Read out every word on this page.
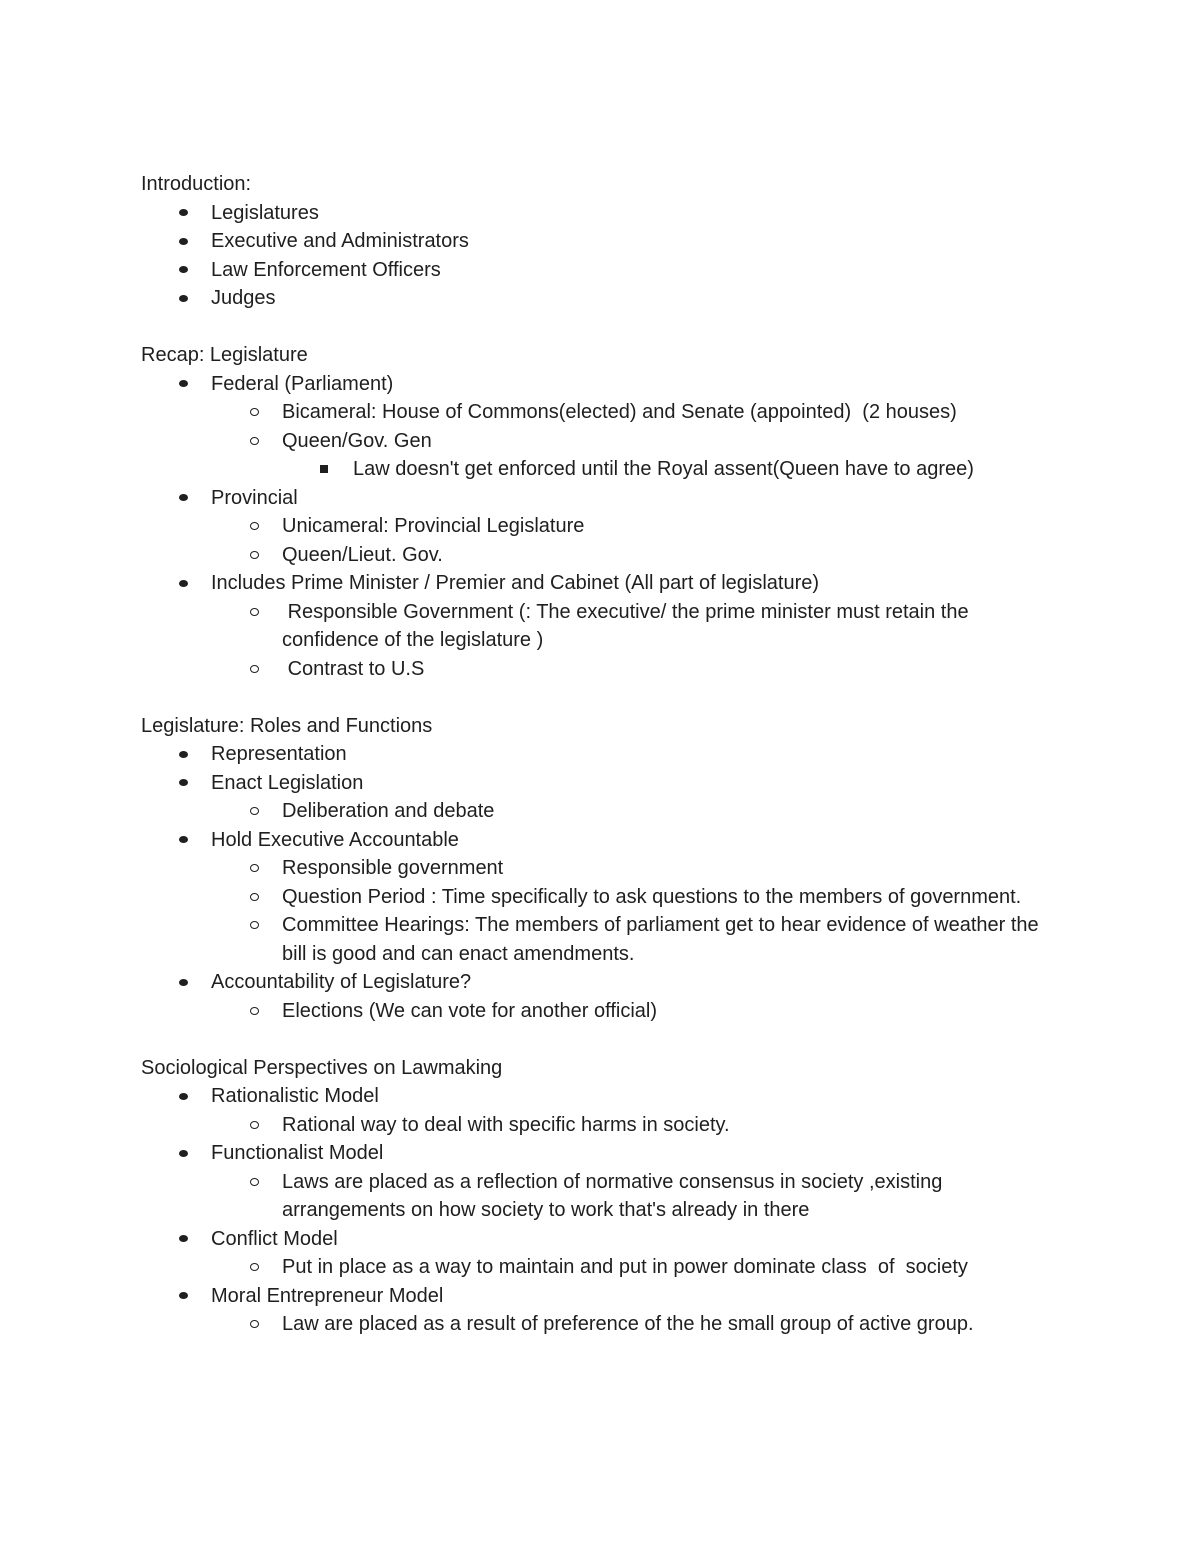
Introduction:
Legislatures
Executive and Administrators
Law Enforcement Officers
Judges
Recap: Legislature
Federal (Parliament)
Bicameral: House of Commons(elected) and Senate (appointed)  (2 houses)
Queen/Gov. Gen
Law doesn't get enforced until the Royal assent(Queen have to agree)
Provincial
Unicameral: Provincial Legislature
Queen/Lieut. Gov.
Includes Prime Minister / Premier and Cabinet (All part of legislature)
Responsible Government (: The executive/ the prime minister must retain the confidence of the legislature )
Contrast to U.S
Legislature: Roles and Functions
Representation
Enact Legislation
Deliberation and debate
Hold Executive Accountable
Responsible government
Question Period : Time specifically to ask questions to the members of government.
Committee Hearings: The members of parliament get to hear evidence of weather the bill is good and can enact amendments.
Accountability of Legislature?
Elections (We can vote for another official)
Sociological Perspectives on Lawmaking
Rationalistic Model
Rational way to deal with specific harms in society.
Functionalist Model
Laws are placed as a reflection of normative consensus in society ,existing arrangements on how society to work that's already in there
Conflict Model
Put in place as a way to maintain and put in power dominate class  of  society
Moral Entrepreneur Model
Law are placed as a result of preference of the he small group of active group.
